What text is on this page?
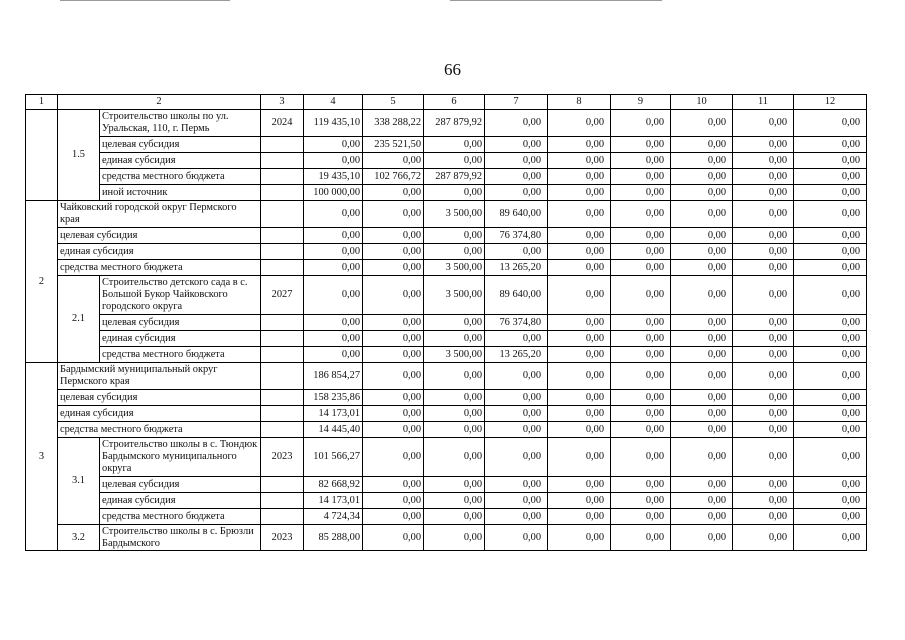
66
1	2		3	4	5	6	7	8	9	10	11	12
	1.5	Строительство школы по ул. Уральская, 110, г. Пермь	2024	119 435,10	338 288,22	287 879,92	0,00	0,00	0,00	0,00	0,00	0,00
		целевая субсидия		0,00	235 521,50	0,00	0,00	0,00	0,00	0,00	0,00	0,00
		единая субсидия		0,00	0,00	0,00	0,00	0,00	0,00	0,00	0,00	0,00
		средства местного бюджета		19 435,10	102 766,72	287 879,92	0,00	0,00	0,00	0,00	0,00	0,00
		иной источник		100 000,00	0,00	0,00	0,00	0,00	0,00	0,00	0,00	0,00
2	Чайковский городской округ Пермского края			0,00	0,00	3 500,00	89 640,00	0,00	0,00	0,00	0,00	0,00
	целевая субсидия			0,00	0,00	0,00	76 374,80	0,00	0,00	0,00	0,00	0,00
	единая субсидия			0,00	0,00	0,00	0,00	0,00	0,00	0,00	0,00	0,00
	средства местного бюджета			0,00	0,00	3 500,00	13 265,20	0,00	0,00	0,00	0,00	0,00
	2.1	Строительство детского сада в с. Большой Букор Чайковского городского округа	2027	0,00	0,00	3 500,00	89 640,00	0,00	0,00	0,00	0,00	0,00
		целевая субсидия		0,00	0,00	0,00	76 374,80	0,00	0,00	0,00	0,00	0,00
		единая субсидия		0,00	0,00	0,00	0,00	0,00	0,00	0,00	0,00	0,00
		средства местного бюджета		0,00	0,00	3 500,00	13 265,20	0,00	0,00	0,00	0,00	0,00
3	Бардымский муниципальный округ Пермского края			186 854,27	0,00	0,00	0,00	0,00	0,00	0,00	0,00	0,00
	целевая субсидия			158 235,86	0,00	0,00	0,00	0,00	0,00	0,00	0,00	0,00
	единая субсидия			14 173,01	0,00	0,00	0,00	0,00	0,00	0,00	0,00	0,00
	средства местного бюджета			14 445,40	0,00	0,00	0,00	0,00	0,00	0,00	0,00	0,00
	3.1	Строительство школы в с. Тюндюк Бардымского муниципального округа	2023	101 566,27	0,00	0,00	0,00	0,00	0,00	0,00	0,00	0,00
		целевая субсидия		82 668,92	0,00	0,00	0,00	0,00	0,00	0,00	0,00	0,00
		единая субсидия		14 173,01	0,00	0,00	0,00	0,00	0,00	0,00	0,00	0,00
		средства местного бюджета		4 724,34	0,00	0,00	0,00	0,00	0,00	0,00	0,00	0,00
	3.2	Строительство школы в с. Брюзли Бардымского	2023	85 288,00	0,00	0,00	0,00	0,00	0,00	0,00	0,00	0,00
